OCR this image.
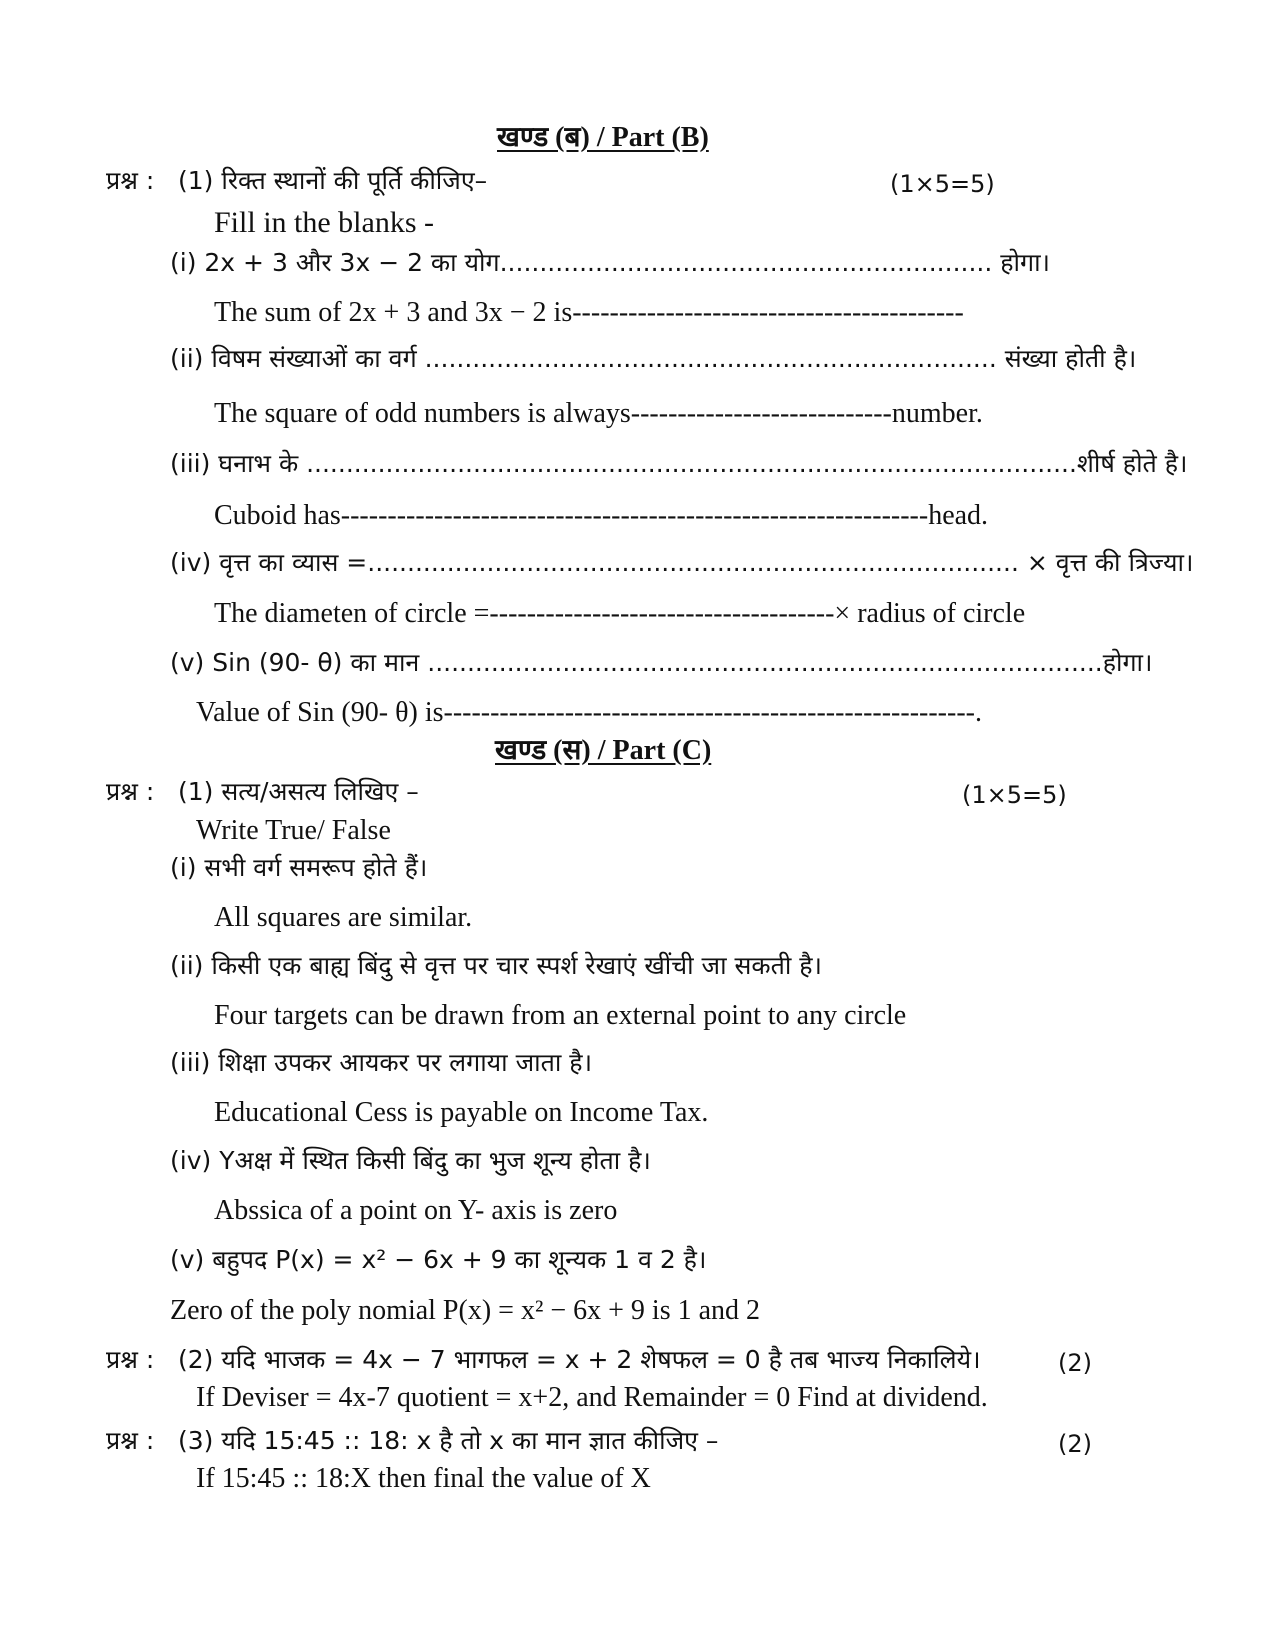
खण्ड (ब) / Part (B)
प्रश्न : (1) रिक्त स्थानों की पूर्ति कीजिए–	(1×5=5)
Fill in the blanks -
(i) 2x + 3 और 3x − 2 का योग.............................................................. होगा।
The sum of 2x + 3 and 3x − 2 is------------------------------------------
(ii) विषम संख्याओं का वर्ग ........................................................................ संख्या होती है।
The square of odd numbers is always----------------------------number.
(iii) घनाभ के .................................................................................................शीर्ष होते है।
Cuboid has---------------------------------------------------------------head.
(iv) वृत्त का व्यास =.................................................................................. × वृत्त की त्रिज्या।
The diameten of circle =-------------------------------------× radius of circle
(v) Sin (90- θ) का मान .....................................................................................होगा।
Value of Sin (90- θ) is---------------------------------------------------------.
खण्ड (स) / Part (C)
प्रश्न : (1) सत्य/असत्य लिखिए –	(1×5=5)
Write True/ False
(i) सभी वर्ग समरूप होते हैं।
All squares are similar.
(ii) किसी एक बाह्य बिंदु से वृत्त पर चार स्पर्श रेखाएं खींची जा सकती है।
Four targets can be drawn from an external point to any circle
(iii) शिक्षा उपकर आयकर पर लगाया जाता है।
Educational Cess is payable on Income Tax.
(iv) Yअक्ष में स्थित किसी बिंदु का भुज शून्य होता है।
Abssica of a point on Y- axis is zero
(v) बहुपद P(x) = x² − 6x + 9 का शून्यक 1 व 2 है।
Zero of the poly nomial P(x) = x² − 6x + 9 is 1 and 2
प्रश्न : (2) यदि भाजक = 4x − 7 भागफल = x + 2 शेषफल = 0 है तब भाज्य निकालिये।	(2)
If Deviser = 4x-7 quotient = x+2, and Remainder = 0 Find at dividend.
प्रश्न : (3) यदि 15:45 :: 18: x है तो x का मान ज्ञात कीजिए –	(2)
If 15:45 :: 18:X then final the value of X
